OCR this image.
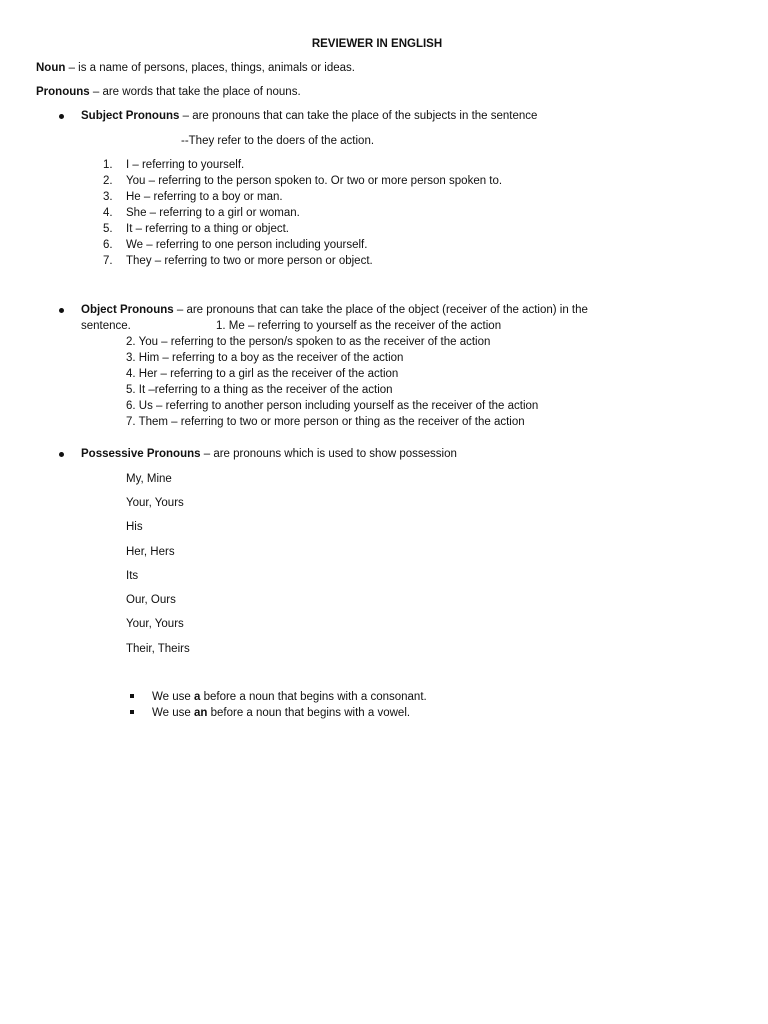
REVIEWER IN ENGLISH
Noun – is a name of persons, places, things, animals or ideas.
Pronouns – are words that take the place of nouns.
Subject Pronouns – are pronouns that can take the place of the subjects in the sentence
--They refer to the doers of the action.
1. I – referring to yourself.
2. You – referring to the person spoken to. Or two or more person spoken to.
3. He – referring to a boy or man.
4. She – referring to a girl or woman.
5. It – referring to a thing or object.
6. We – referring to one person including yourself.
7. They – referring to two or more person or object.
Object Pronouns – are pronouns that can take the place of the object (receiver of the action) in the
sentence.	1. Me – referring to yourself as the receiver of the action
2. You – referring to the person/s spoken to as the receiver of the action
3. Him – referring to a boy as the receiver of the action
4. Her – referring to a girl as the receiver of the action
5. It –referring to a thing as the receiver of the action
6. Us – referring to another person including yourself as the receiver of the action
7. Them – referring to two or more person or thing as the receiver of the action
Possessive Pronouns – are pronouns which is used to show possession
My, Mine
Your, Yours
His
Her, Hers
Its
Our, Ours
Your, Yours
Their, Theirs
We use a before a noun that begins with a consonant.
We use an before a noun that begins with a vowel.
